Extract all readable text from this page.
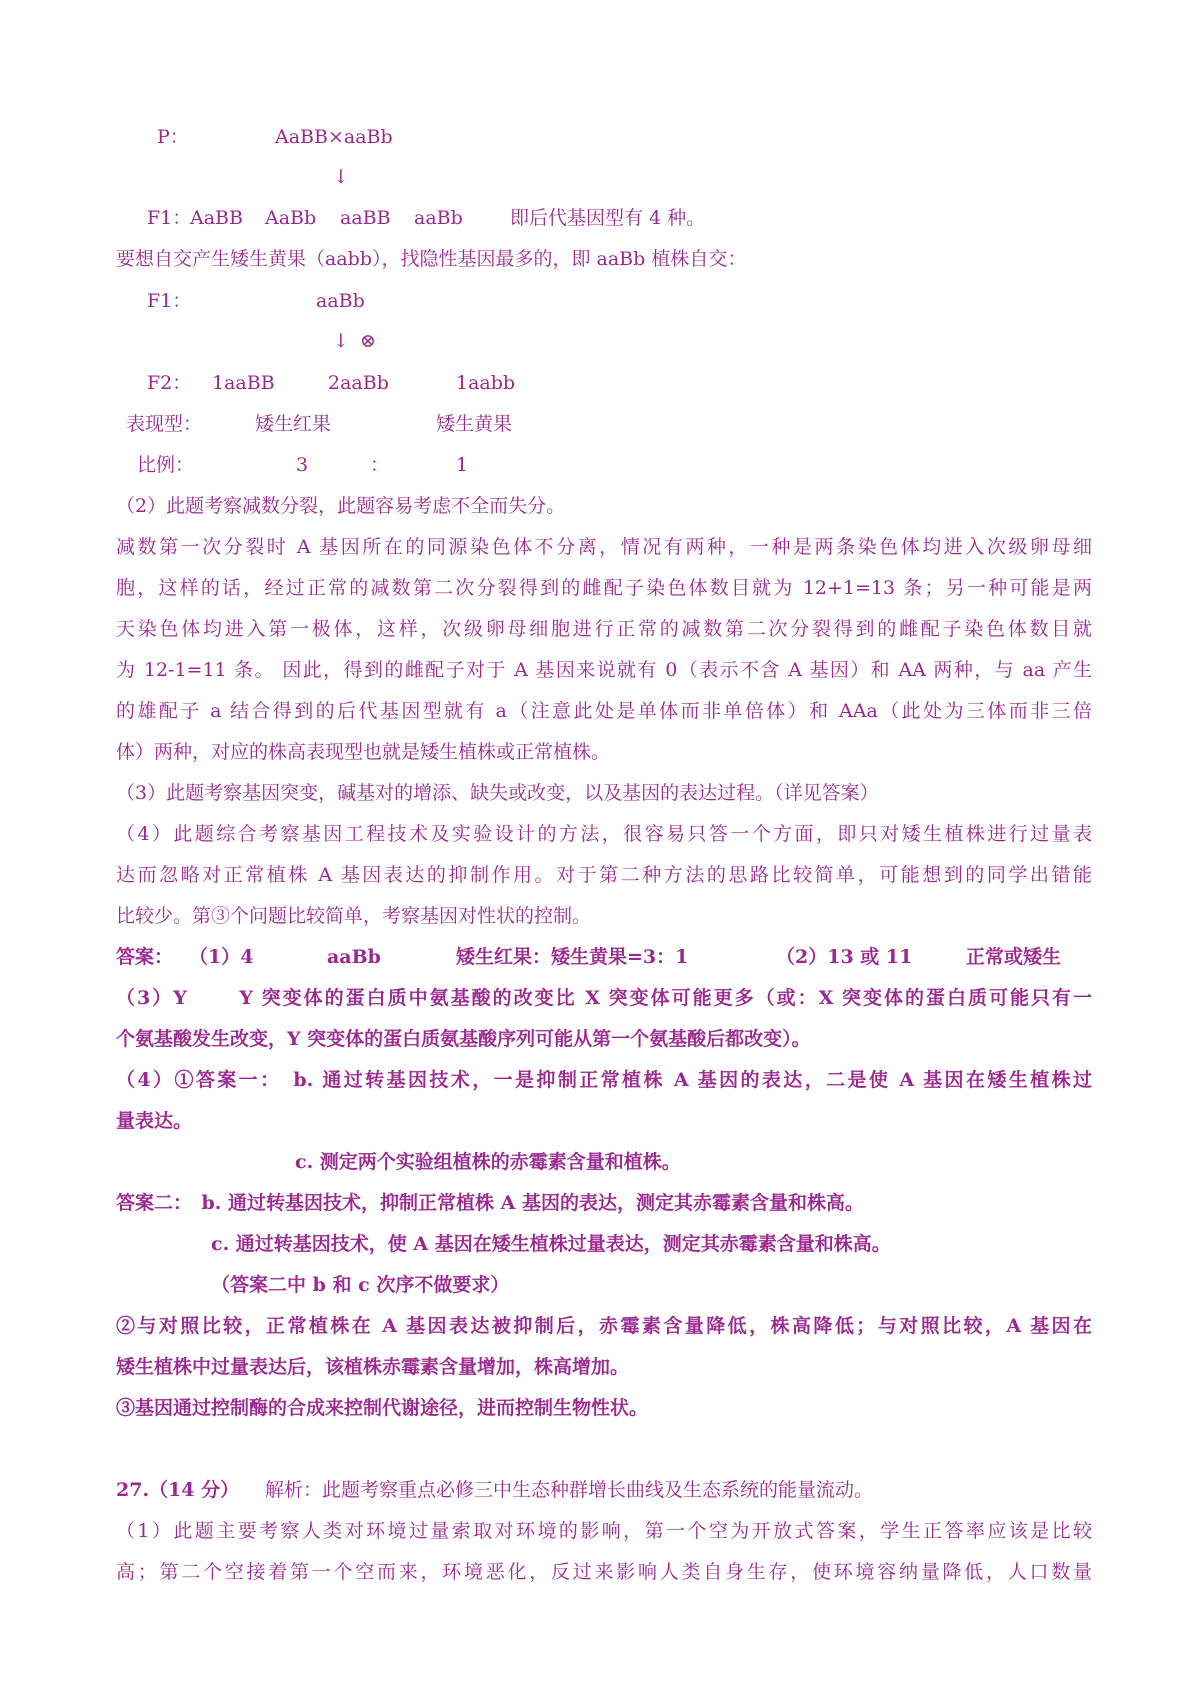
P：	AaBB×aaBb
↓
F1：
AaBB AaBb aaBB aaBb 即后代基因型有 4 种。
要想自交产生矮生黄果（aabb），找隐性基因最多的，即 aaBb 植株自交：
F1：	aaBb
↓ ⊗
F2： 1aaBB	2aaBb	1aabb
表现型：	矮生红果	矮生黄果
比例：	3	：	1
（2）此题考察减数分裂，此题容易考虑不全而失分。
减数第一次分裂时 A 基因所在的同源染色体不分离，情况有两种，一种是两条染色体均进入次级卵母细
胞，这样的话，经过正常的减数第二次分裂得到的雌配子染色体数目就为 12+1=13 条；另一种可能是两
天染色体均进入第一极体，这样，次级卵母细胞进行正常的减数第二次分裂得到的雌配子染色体数目就
为 12-1=11 条。 因此，得到的雌配子对于 A 基因来说就有 0（表示不含 A 基因）和 AA 两种，与 aa 产生
的雄配子 a 结合得到的后代基因型就有 a（注意此处是单体而非单倍体）和 AAa（此处为三体而非三倍
体）两种，对应的株高表现型也就是矮生植株或正常植株。
（3）此题考察基因突变，碱基对的增添、缺失或改变，以及基因的表达过程。（详见答案）
（4）此题综合考察基因工程技术及实验设计的方法，很容易只答一个方面，即只对矮生植株进行过量表
达而忽略对正常植株 A 基因表达的抑制作用。对于第二种方法的思路比较简单，可能想到的同学出错能
比较少。第③个问题比较简单，考察基因对性状的控制。
答案： （1）4	aaBb	矮生红果：矮生黄果=3：1	（2）13 或 11	正常或矮生
（3）Y　　 Y 突变体的蛋白质中氨基酸的改变比 X 突变体可能更多（或：X 突变体的蛋白质可能只有一
个氨基酸发生改变，Y 突变体的蛋白质氨基酸序列可能从第一个氨基酸后都改变）。
（4）①答案一：　b. 通过转基因技术，一是抑制正常植株 A 基因的表达，二是使 A 基因在矮生植株过
量表达。
c. 测定两个实验组植株的赤霉素含量和植株。
答案二：　b. 通过转基因技术，抑制正常植株 A 基因的表达，测定其赤霉素含量和株高。
c. 通过转基因技术，使 A 基因在矮生植株过量表达，测定其赤霉素含量和株高。
（答案二中 b 和 c 次序不做要求）
②与对照比较，正常植株在 A 基因表达被抑制后，赤霉素含量降低，株高降低；与对照比较，A 基因在
矮生植株中过量表达后，该植株赤霉素含量增加，株高增加。
③基因通过控制酶的合成来控制代谢途径，进而控制生物性状。
27.（14 分） 解析：此题考察重点必修三中生态种群增长曲线及生态系统的能量流动。
（1）此题主要考察人类对环境过量索取对环境的影响，第一个空为开放式答案，学生正答率应该是比较
高；第二个空接着第一个空而来，环境恶化，反过来影响人类自身生存，使环境容纳量降低，人口数量
